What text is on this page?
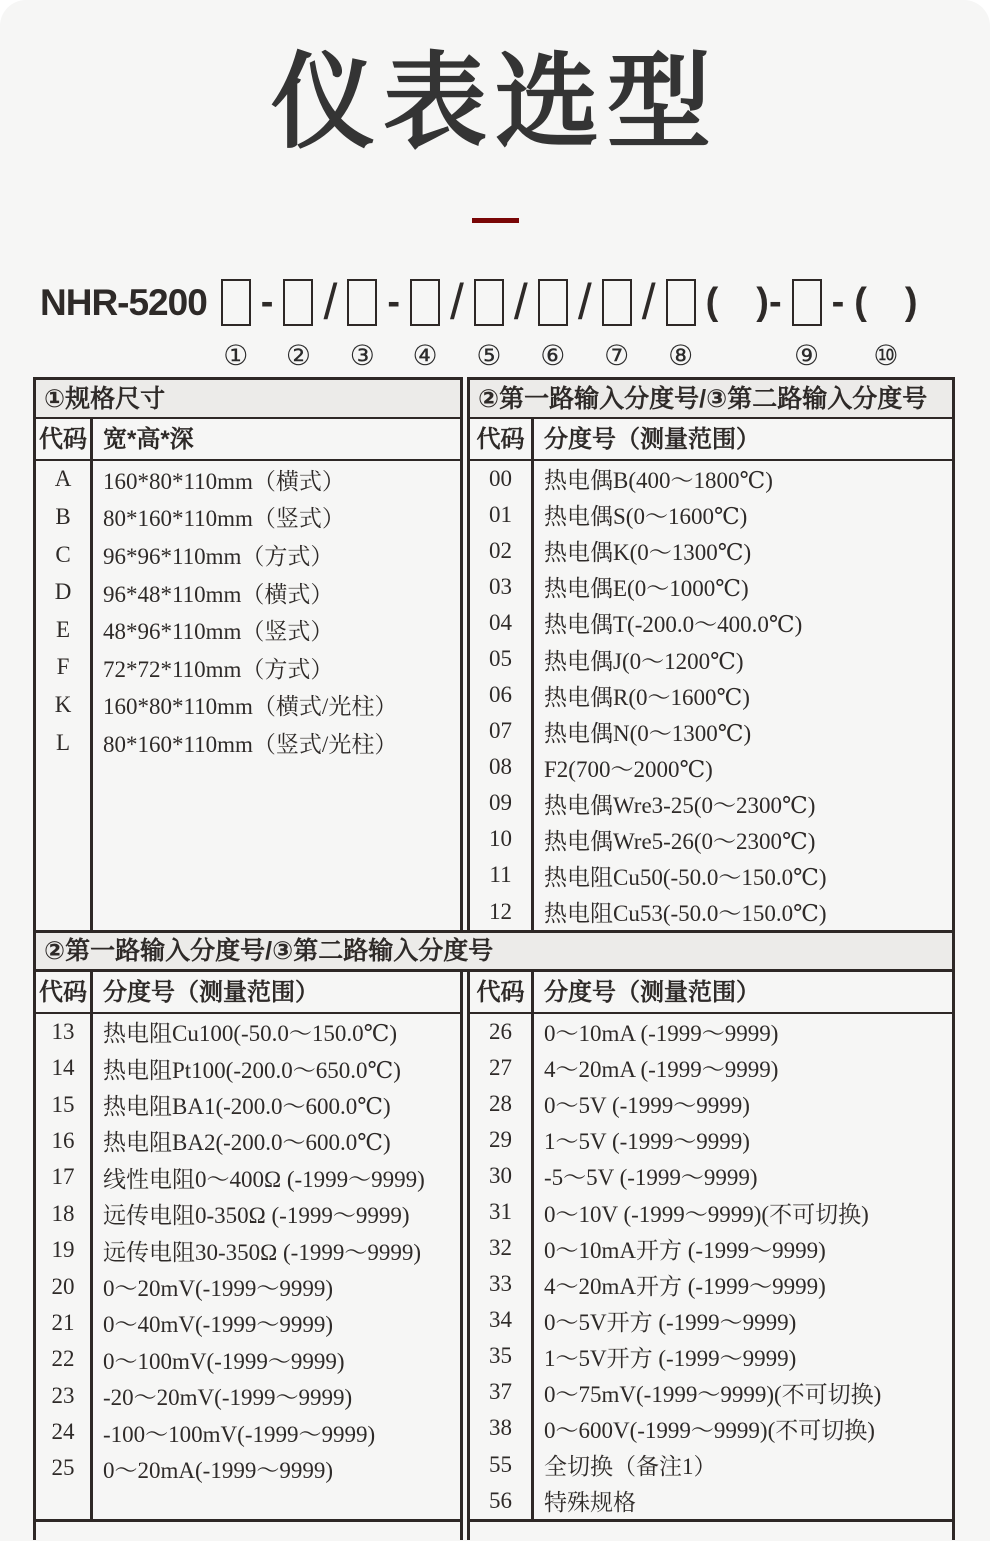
仪表选型
NHR-5200
①
-
②
/
③
-
④
/
⑤
/
⑥
/
⑦
/
⑧
(　)-
⑨
- (　)
⑩
①规格尺寸
代码 宽*高*深
A	160*80*110mm（横式）
B	80*160*110mm（竖式）
C	96*96*110mm（方式）
D	96*48*110mm（横式）
E	48*96*110mm（竖式）
F	72*72*110mm（方式）
K	160*80*110mm（横式/光柱）
L	80*160*110mm（竖式/光柱）
②第一路输入分度号/③第二路输入分度号
代码 分度号（测量范围）
00	热电偶B(400～1800℃)
01	热电偶S(0～1600℃)
02	热电偶K(0～1300℃)
03	热电偶E(0～1000℃)
04	热电偶T(-200.0～400.0℃)
05	热电偶J(0～1200℃)
06	热电偶R(0～1600℃)
07	热电偶N(0～1300℃)
08	F2(700～2000℃)
09	热电偶Wre3-25(0～2300℃)
10	热电偶Wre5-26(0～2300℃)
11	热电阻Cu50(-50.0～150.0℃)
12	热电阻Cu53(-50.0～150.0℃)
②第一路输入分度号/③第二路输入分度号
代码 分度号（测量范围）
13	热电阻Cu100(-50.0～150.0℃)
14	热电阻Pt100(-200.0～650.0℃)
15	热电阻BA1(-200.0～600.0℃)
16	热电阻BA2(-200.0～600.0℃)
17	线性电阻0～400Ω (-1999～9999)
18	远传电阻0-350Ω (-1999～9999)
19	远传电阻30-350Ω (-1999～9999)
20	0～20mV(-1999～9999)
21	0～40mV(-1999～9999)
22	0～100mV(-1999～9999)
23	-20～20mV(-1999～9999)
24	-100～100mV(-1999～9999)
25	0～20mA(-1999～9999)
代码 分度号（测量范围）
26	0～10mA (-1999～9999)
27	4～20mA (-1999～9999)
28	0～5V (-1999～9999)
29	1～5V (-1999～9999)
30	-5～5V (-1999～9999)
31	0～10V (-1999～9999)(不可切换)
32	0～10mA开方 (-1999～9999)
33	4～20mA开方 (-1999～9999)
34	0～5V开方 (-1999～9999)
35	1～5V开方 (-1999～9999)
37	0～75mV(-1999～9999)(不可切换)
38	0～600V(-1999～9999)(不可切换)
55	全切换（备注1）
56	特殊规格
